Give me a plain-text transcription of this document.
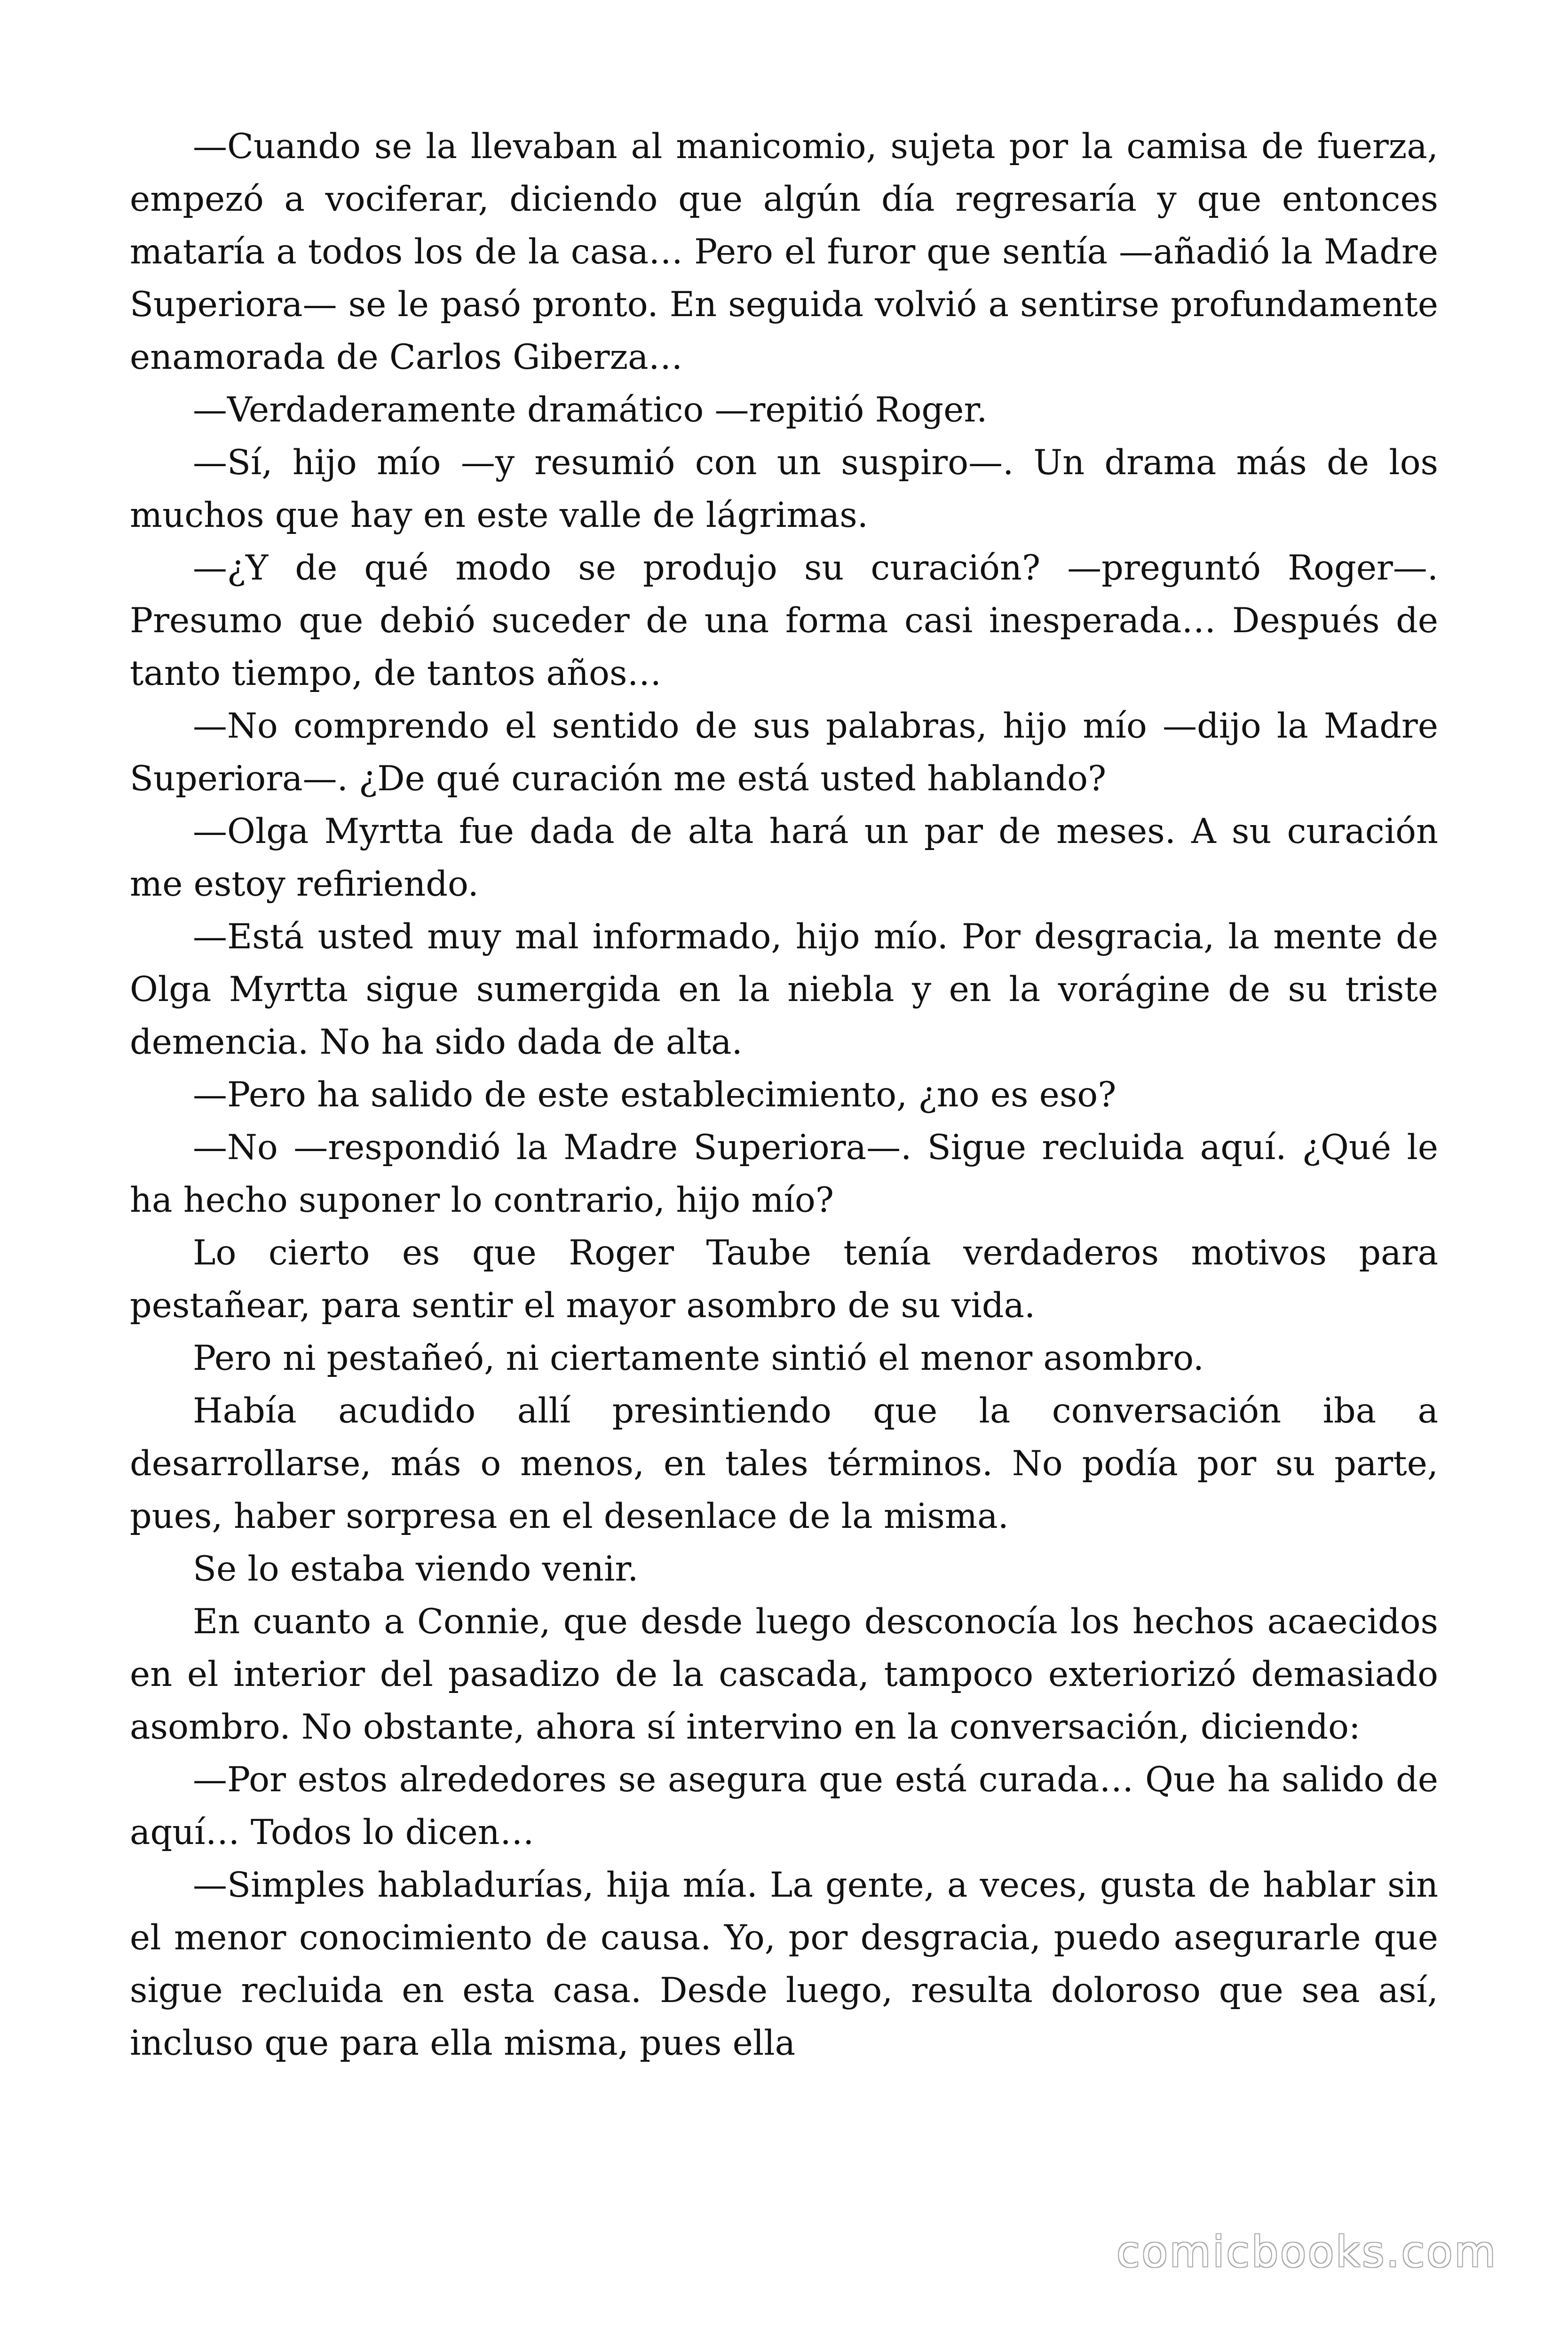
—Cuando se la llevaban al manicomio, sujeta por la camisa de fuerza, empezó a vociferar, diciendo que algún día regresaría y que entonces mataría a todos los de la casa… Pero el furor que sentía —añadió la Madre Superiora— se le pasó pronto. En seguida volvió a sentirse profundamente enamorada de Carlos Giberza…

—Verdaderamente dramático —repitió Roger.

—Sí, hijo mío —y resumió con un suspiro—. Un drama más de los muchos que hay en este valle de lágrimas.

—¿Y de qué modo se produjo su curación? —preguntó Roger—. Presumo que debió suceder de una forma casi inesperada… Después de tanto tiempo, de tantos años…

—No comprendo el sentido de sus palabras, hijo mío —dijo la Madre Superiora—. ¿De qué curación me está usted hablando?

—Olga Myrtta fue dada de alta hará un par de meses. A su curación me estoy refiriendo.

—Está usted muy mal informado, hijo mío. Por desgracia, la mente de Olga Myrtta sigue sumergida en la niebla y en la vorágine de su triste demencia. No ha sido dada de alta.

—Pero ha salido de este establecimiento, ¿no es eso?

—No —respondió la Madre Superiora—. Sigue recluida aquí. ¿Qué le ha hecho suponer lo contrario, hijo mío?

Lo cierto es que Roger Taube tenía verdaderos motivos para pestañear, para sentir el mayor asombro de su vida.

Pero ni pestañeó, ni ciertamente sintió el menor asombro.

Había acudido allí presintiendo que la conversación iba a desarrollarse, más o menos, en tales términos. No podía por su parte, pues, haber sorpresa en el desenlace de la misma.

Se lo estaba viendo venir.

En cuanto a Connie, que desde luego desconocía los hechos acaecidos en el interior del pasadizo de la cascada, tampoco exteriorizó demasiado asombro. No obstante, ahora sí intervino en la conversación, diciendo:

—Por estos alrededores se asegura que está curada… Que ha salido de aquí… Todos lo dicen…

—Simples habladurías, hija mía. La gente, a veces, gusta de hablar sin el menor conocimiento de causa. Yo, por desgracia, puedo asegurarle que sigue recluida en esta casa. Desde luego, resulta doloroso que sea así, incluso que para ella misma, pues ella

comicbooks.com
